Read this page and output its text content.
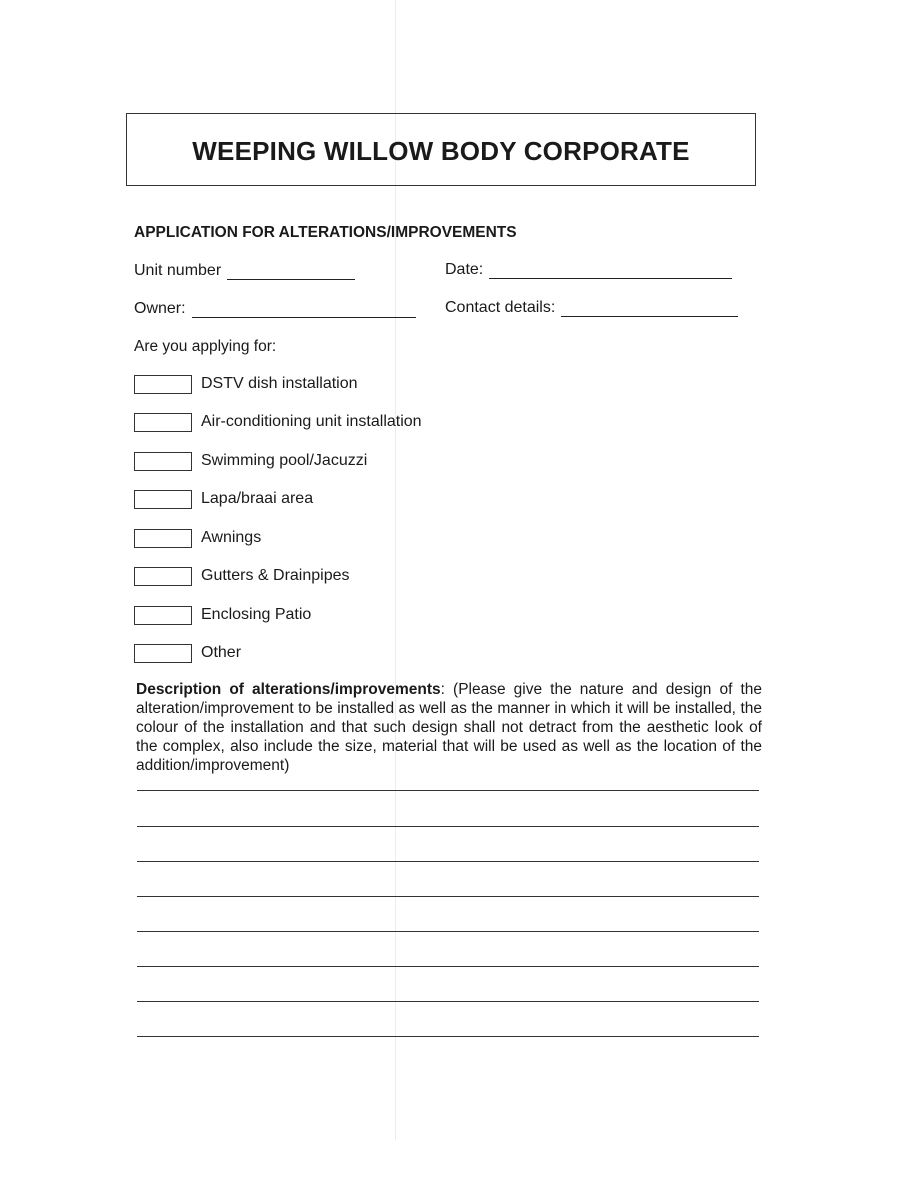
WEEPING WILLOW BODY CORPORATE
APPLICATION FOR ALTERATIONS/IMPROVEMENTS
Unit number	Date:
Owner:	Contact details:
Are you applying for:
DSTV dish installation
Air-conditioning unit installation
Swimming pool/Jacuzzi
Lapa/braai area
Awnings
Gutters & Drainpipes
Enclosing Patio
Other
Description of alterations/improvements: (Please give the nature and design of the alteration/improvement to be installed as well as the manner in which it will be installed, the colour of the installation and that such design shall not detract from the aesthetic look of the complex, also include the size, material that will be used as well as the location of the addition/improvement)
